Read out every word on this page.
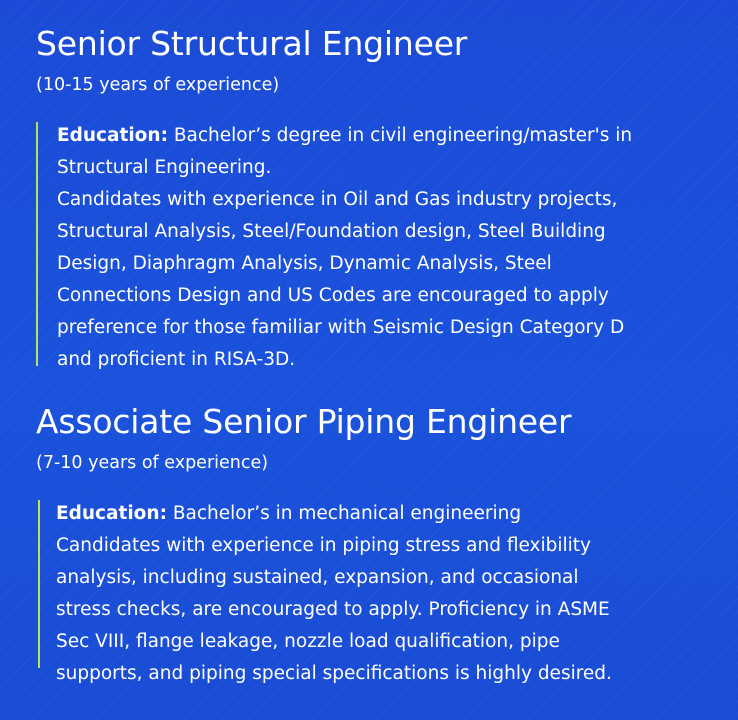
Senior Structural Engineer
(10-15 years of experience)
Education: Bachelor’s degree in civil engineering/master's in
Structural Engineering.
Candidates with experience in Oil and Gas industry projects,
Structural Analysis, Steel/Foundation design, Steel Building
Design, Diaphragm Analysis, Dynamic Analysis, Steel
Connections Design and US Codes are encouraged to apply
preference for those familiar with Seismic Design Category D
and proficient in RISA-3D.
Associate Senior Piping Engineer
(7-10 years of experience)
Education: Bachelor’s in mechanical engineering
Candidates with experience in piping stress and flexibility
analysis, including sustained, expansion, and occasional
stress checks, are encouraged to apply. Proficiency in ASME
Sec VIII, flange leakage, nozzle load qualification, pipe
supports, and piping special specifications is highly desired.
